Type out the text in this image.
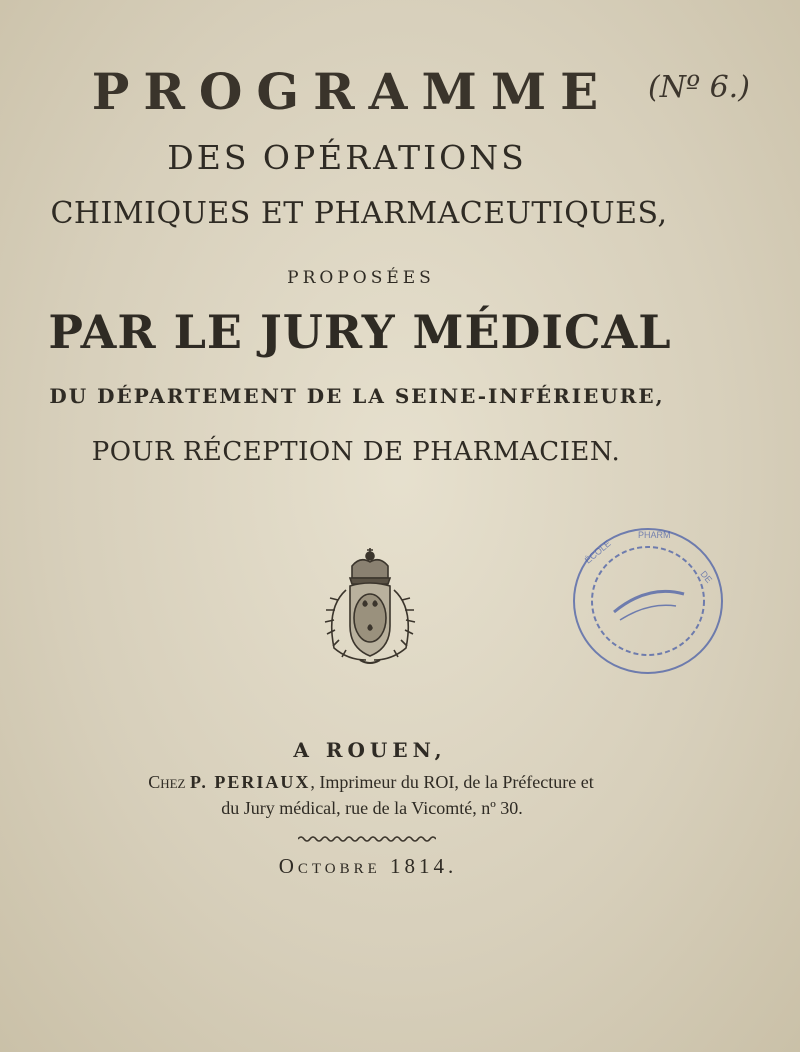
PROGRAMME	(Nº 6.)
DES OPÉRATIONS
CHIMIQUES ET PHARMACEUTIQUES,
PROPOSÉES
PAR LE JURY MÉDICAL
DU DÉPARTEMENT DE LA SEINE-INFÉRIEURE,
POUR RÉCEPTION DE PHARMACIEN.
PHARM
ÉCOLE
DE
A ROUEN,
Chez P. PERIAUX, Imprimeur du ROI, de la Préfecture et
du Jury médical, rue de la Vicomté, nº 30.
Octobre 1814.
